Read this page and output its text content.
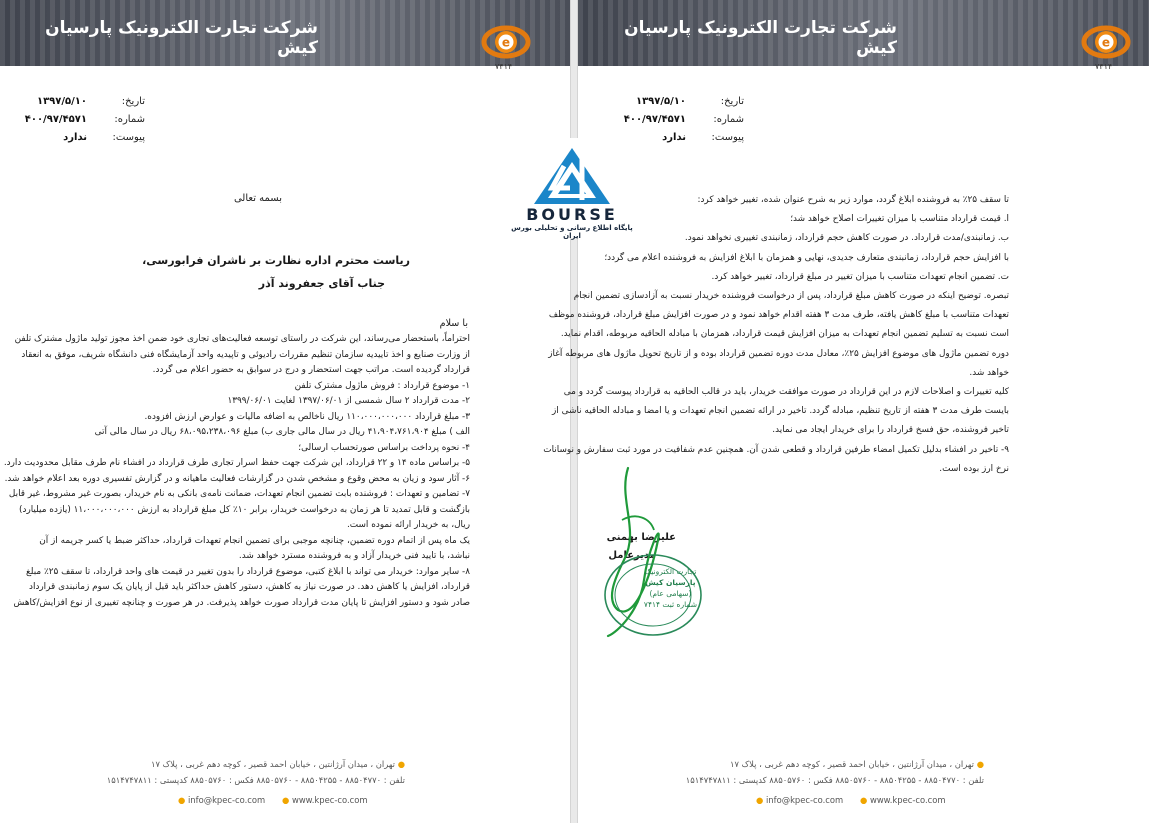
شرکت تجارت الکترونیک پارسیان کیش	e
۷۴۱۴
تاریخ:
۱۳۹۷/۵/۱۰
شماره:
۴۰۰/۹۷/۴۵۷۱
پیوست:
ندارد
بسمه تعالی
ریاست محترم اداره نظارت بر ناشران فرابورسی،
جناب آقای جعفروند آذر
با سلام
احتراماً، باستحضار می‌رساند، این شرکت در راستای توسعه فعالیت‌های تجاری خود ضمن اخذ مجوز تولید ماژول مشترک تلفن
از وزارت صنایع و اخذ تاییدیه سازمان تنظیم مقررات رادیوئی و تاپیدیه واحد آزمایشگاه فنی دانشگاه شریف، موفق به انعقاد
قرارداد گردیده است. مراتب جهت استحضار و درج در سوابق به حضور اعلام می گردد.
۱- موضوع قرارداد : فروش ماژول مشترک تلفن
۲- مدت قرارداد ۲ سال شمسی از ۱۳۹۷/۰۶/۰۱ لغایت ۱۳۹۹/۰۶/۰۱
۳- مبلغ قرارداد ۱۱۰،۰۰۰،۰۰۰،۰۰۰ ریال ناخالص به اضافه مالیات و عوارض ارزش افزوده.
الف ) مبلغ ۴۱،۹۰۴،۷۶۱،۹۰۴ ریال در سال مالی جاری ب) مبلغ ۶۸،۰۹۵،۲۳۸،۰۹۶ ریال در سال مالی آتی
۴- نحوه پرداخت براساس صورتحساب ارسالی؛
۵- براساس ماده ۱۴ و ۲۲ قرارداد، این شرکت جهت حفظ اسرار تجاری طرف قرارداد در افشاء نام طرف مقابل محدودیت دارد.
۶- آثار سود و زیان به محض وقوع و مشخص شدن در گزارشات فعالیت ماهیانه و در گزارش تفسیری دوره بعد اعلام خواهد شد.
۷- تضامین و تعهدات : فروشنده بابت تضمین انجام تعهدات، ضمانت نامه‌ی بانکی به نام خریدار، بصورت غیر مشروط، غیر قابل
بازگشت و قابل تمدید تا هر زمان به درخواست خریدار، برابر ۱۰٪ کل مبلغ قرارداد به ارزش ۱۱،۰۰۰،۰۰۰،۰۰۰ (یازده میلیارد)
ریال، به خریدار ارائه نموده است.
یک ماه پس از اتمام دوره تضمین، چنانچه موجبی برای تضمین انجام تعهدات قرارداد، حداکثر ضبط یا کسر جریمه از آن
نباشد، با تایید فنی خریدار آزاد و به فروشنده مسترد خواهد شد.
۸- سایر موارد: خریدار می تواند با ابلاغ کتبی، موضوع قرارداد را بدون تغییر در قیمت های واحد قرارداد، تا سقف ۲۵٪ مبلغ
قرارداد، افزایش یا کاهش دهد. در صورت نیاز به کاهش، دستور کاهش حداکثر باید قبل از پایان یک سوم زمانبندی قرارداد
صادر شود و دستور افزایش تا پایان مدت قرارداد صورت خواهد پذیرفت. در هر صورت و چنانچه تغییری از نوع افزایش/کاهش
● تهران ، میدان آرژانتین ، خیابان احمد قصیر ، کوچه دهم غربی ، پلاک ۱۷
تلفن : ۸۸۵۰۴۷۷۰ - ۸۸۵۰۴۲۵۵ - ۸۸۵۰۵۷۶۰ فکس : ۸۸۵۰۵۷۶۰ کدپستی : ۱۵۱۴۷۴۷۸۱۱
● info@kpec-co.com ● www.kpec-co.com
شرکت تجارت الکترونیک پارسیان کیش	e
۷۴۱۴
تاریخ:
۱۳۹۷/۵/۱۰
شماره:
۴۰۰/۹۷/۴۵۷۱
پیوست:
ندارد
تا سقف ۲۵٪ به فروشنده ابلاغ گردد، موارد زیر به شرح عنوان شده، تغییر خواهد کرد:
ا. قیمت قرارداد متناسب با میزان تغییرات اصلاح خواهد شد؛
ب. زمانبندی/مدت قرارداد. در صورت کاهش حجم قرارداد، زمانبندی تغییری نخواهد نمود.
با افزایش حجم قرارداد، زمانبندی متعارف جدیدی، نهایی و همزمان با ابلاغ افزایش به فروشنده اعلام می گردد؛
ت. تضمین انجام تعهدات متناسب با میزان تغییر در مبلغ قرارداد، تغییر خواهد کرد.
تبصره. توضیح اینکه در صورت کاهش مبلغ قرارداد، پس از درخواست فروشنده خریدار نسبت به آزادسازی تضمین انجام
تعهدات متناسب با مبلغ کاهش یافته، طرف مدت ۳ هفته اقدام خواهد نمود و در صورت افزایش مبلغ قرارداد، فروشنده موظف
است نسبت به تسلیم تضمین انجام تعهدات به میزان افزایش قیمت قرارداد، همزمان با مبادله الحاقیه مربوطه، اقدام نماید.
دوره تضمین ماژول های موضوع افزایش ۲۵٪، معادل مدت دوره تضمین قرارداد بوده و از تاریخ تحویل ماژول های مربوطه آغاز
خواهد شد.
کلیه تغییرات و اصلاحات لازم در این قرارداد در صورت موافقت خریدار، باید در قالب الحاقیه به قرارداد پیوست گردد و می
بایست طرف مدت ۳ هفته از تاریخ تنظیم، مبادله گردد. تاخیر در ارائه تضمین انجام تعهدات و یا امضا و مبادله الحاقیه ناشی از
تاخیر فروشنده، حق فسخ قرارداد را برای خریدار ایجاد می نماید.
۹- تاخیر در افشاء بدلیل تکمیل امضاء طرفین قرارداد و قطعی شدن آن. همچنین عدم شفافیت در مورد ثبت سفارش و نوسانات
نرخ ارز بوده است.
علیرضا بهمنی
مدیرعامل
● تهران ، میدان آرژانتین ، خیابان احمد قصیر ، کوچه دهم غربی ، پلاک ۱۷
تلفن : ۸۸۵۰۴۷۷۰ - ۸۸۵۰۴۲۵۵ - ۸۸۵۰۵۷۶۰ فکس : ۸۸۵۰۵۷۶۰ کدپستی : ۱۵۱۴۷۴۷۸۱۱
● info@kpec-co.com ● www.kpec-co.com
تجارت الکترونیک
پارسیان کیش
(سهامی عام)
شماره ثبت ۷۴۱۴
BOURSE
پایگاه اطلاع رسانی و تحلیلی بورس ایران
